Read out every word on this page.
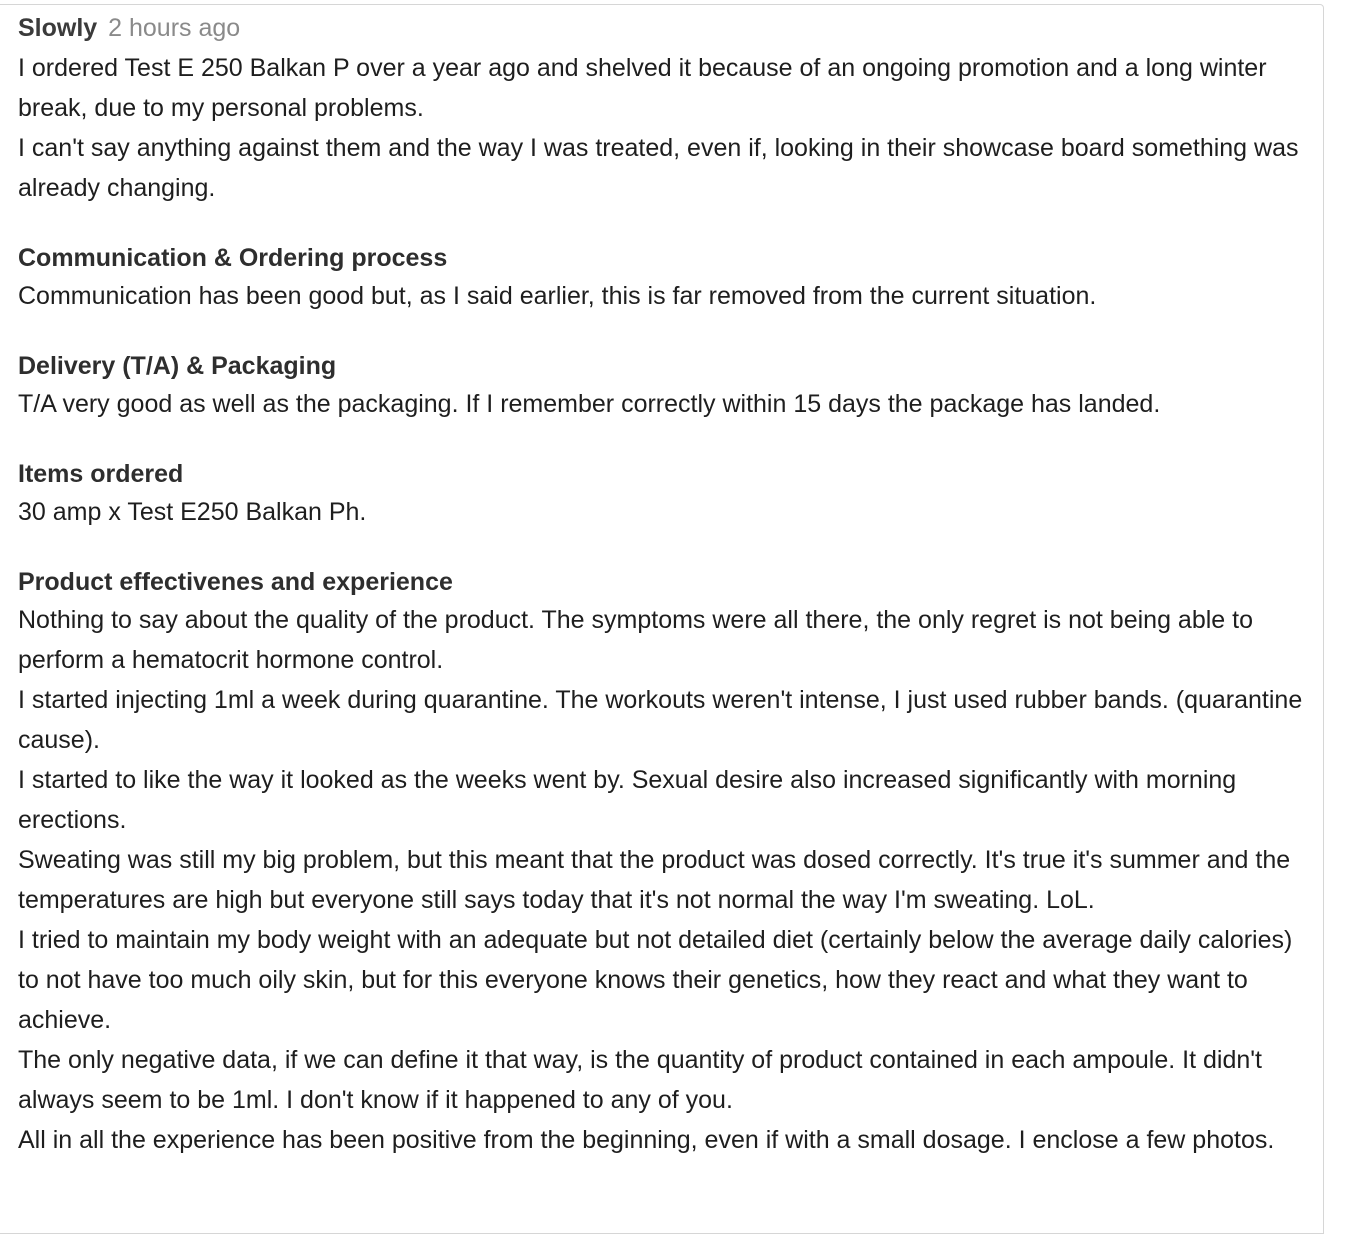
Slowly 2 hours ago

I ordered Test E 250 Balkan P over a year ago and shelved it because of an ongoing promotion and a long winter break, due to my personal problems.

I can't say anything against them and the way I was treated, even if, looking in their showcase board something was already changing.

Communication & Ordering process

Communication has been good but, as I said earlier, this is far removed from the current situation.

Delivery (T/A) & Packaging

T/A very good as well as the packaging. If I remember correctly within 15 days the package has landed.

Items ordered

30 amp x Test E250 Balkan Ph.

Product effectivenes and experience

Nothing to say about the quality of the product. The symptoms were all there, the only regret is not being able to perform a hematocrit hormone control.

I started injecting 1ml a week during quarantine. The workouts weren't intense, I just used rubber bands. (quarantine cause).

I started to like the way it looked as the weeks went by. Sexual desire also increased significantly with morning erections.

Sweating was still my big problem, but this meant that the product was dosed correctly. It's true it's summer and the temperatures are high but everyone still says today that it's not normal the way I'm sweating. LoL.

I tried to maintain my body weight with an adequate but not detailed diet (certainly below the average daily calories) to not have too much oily skin, but for this everyone knows their genetics, how they react and what they want to achieve.

The only negative data, if we can define it that way, is the quantity of product contained in each ampoule. It didn't always seem to be 1ml. I don't know if it happened to any of you.

All in all the experience has been positive from the beginning, even if with a small dosage. I enclose a few photos.
